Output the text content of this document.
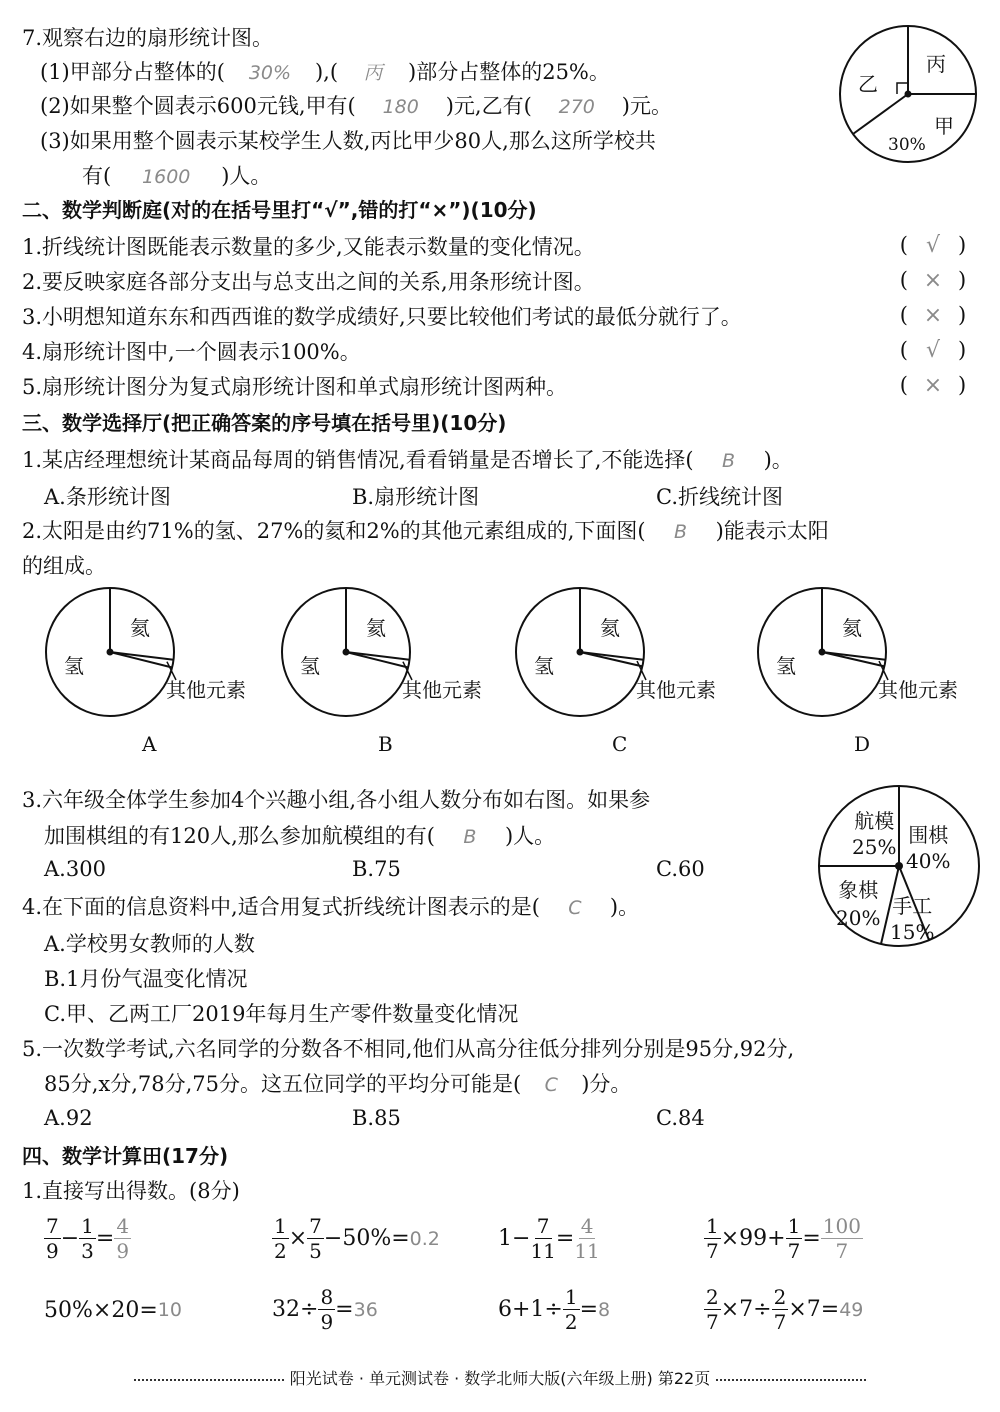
7.观察右边的扇形统计图。
(1)甲部分占整体的( 30% ),( 丙 )部分占整体的25%。
(2)如果整个圆表示600元钱,甲有( 180 )元,乙有( 270 )元。
(3)如果用整个圆表示某校学生人数,丙比甲少80人,那么这所学校共
有( 1600 )人。
乙
丙
甲
30%
二、数学判断庭(对的在括号里打“√”,错的打“×”)(10分)
1.折线统计图既能表示数量的多少,又能表示数量的变化情况。	( √ )
2.要反映家庭各部分支出与总支出之间的关系,用条形统计图。	( × )
3.小明想知道东东和西西谁的数学成绩好,只要比较他们考试的最低分就行了。	( × )
4.扇形统计图中,一个圆表示100%。	( √ )
5.扇形统计图分为复式扇形统计图和单式扇形统计图两种。	( × )
三、数学选择厅(把正确答案的序号填在括号里)(10分)
1.某店经理想统计某商品每周的销售情况,看看销量是否增长了,不能选择( B )。
A.条形统计图	B.扇形统计图	C.折线统计图
2.太阳是由约71%的氢、27%的氦和2%的其他元素组成的,下面图( B )能表示太阳
的组成。
氦
氢
其他元素
A
氦
氢
其他元素
B
氦
氢
其他元素
C
氦
氢
其他元素
D
3.六年级全体学生参加4个兴趣小组,各小组人数分布如右图。如果参
加围棋组的有120人,那么参加航模组的有( B )人。
A.300	B.75	C.60
航模
25% 围棋
40%
象棋
20% 手工
15%
4.在下面的信息资料中,适合用复式折线统计图表示的是( C )。
A.学校男女教师的人数
B.1月份气温变化情况
C.甲、乙两工厂2019年每月生产零件数量变化情况
5.一次数学考试,六名同学的分数各不相同,他们从高分往低分排列分别是95分,92分,
85分,x分,78分,75分。这五位同学的平均分可能是( C )分。
A.92	B.85	C.84
四、数学计算田(17分)
1.直接写出得数。(8分)
$\frac{7}{9} - \frac{1}{3} = \frac{4}{9}$	$\frac{1}{2} \times \frac{7}{5} -50\%= 0.2$	$1- \frac{7}{11} = \frac{4}{11}$	$\frac{1}{7} \times 99+ \frac{1}{7} = \frac{100}{7}$
50%×20= 10	$32\div \frac{8}{9} = 36$	$6+1\div \frac{1}{2} = 8$	$\frac{2}{7} \times 7\div \frac{2}{7} \times 7= 49$
阳光试卷 · 单元测试卷 · 数学北师大版(六年级上册) 第22页
